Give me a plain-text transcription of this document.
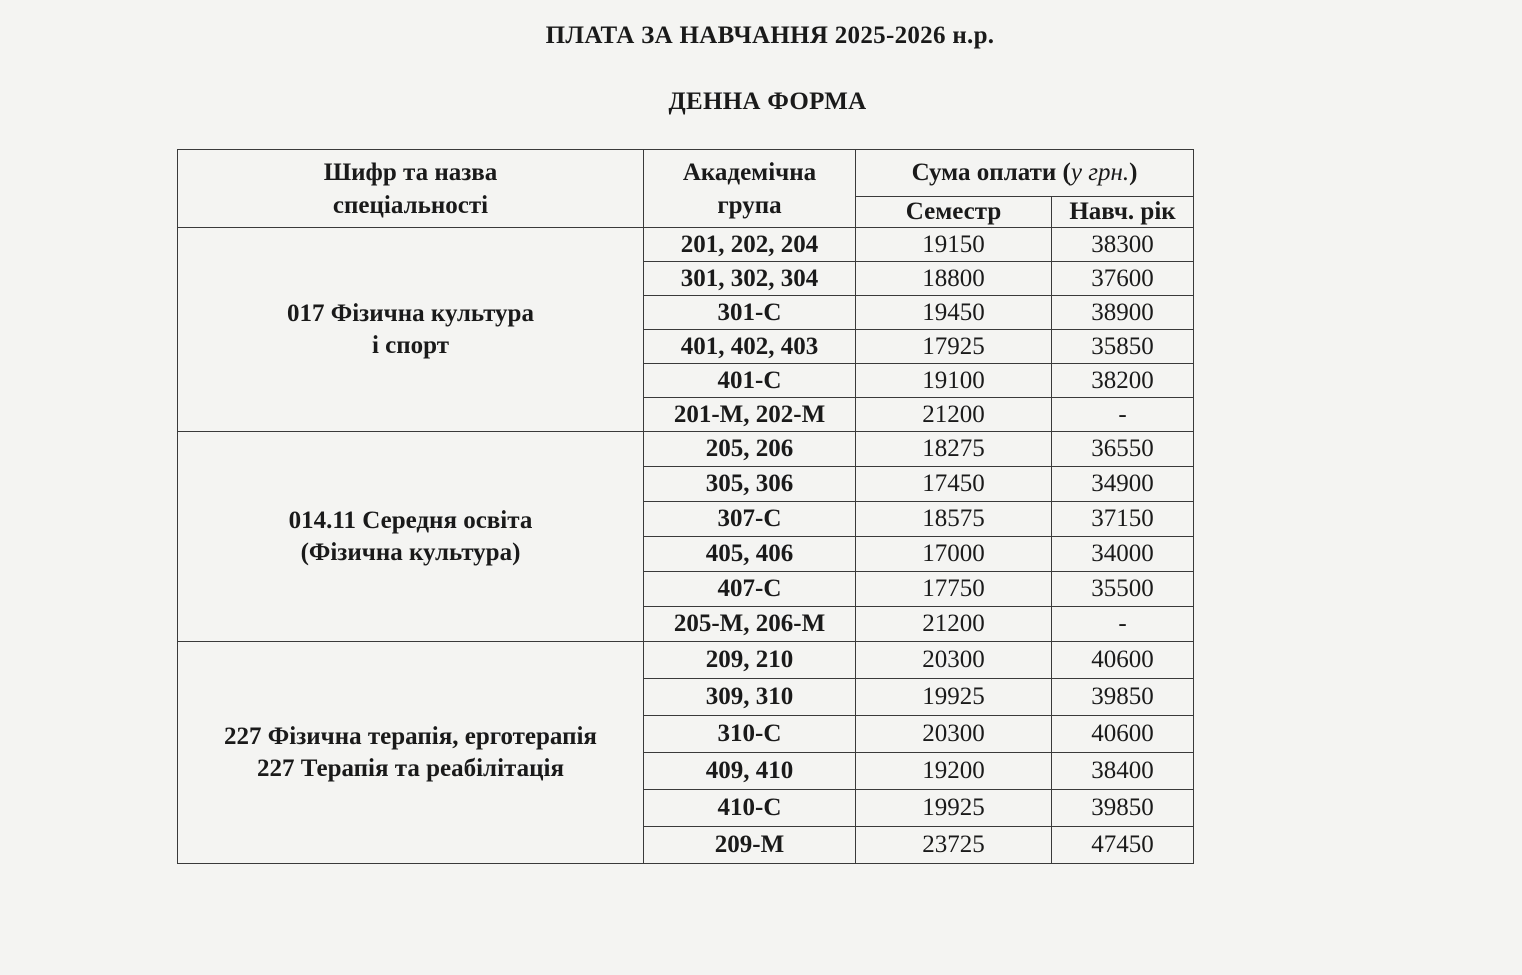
ПЛАТА ЗА НАВЧАННЯ 2025-2026 н.р.
ДЕННА ФОРМА
Шифр та назва спеціальності	Академічна група	Сума оплати (у грн.)	
		Семестр	Навч. рік

017 Фізична культура
і спорт	201, 202, 204	19150	38300
	301, 302, 304	18800	37600
	301-С	19450	38900
	401, 402, 403	17925	35850
	401-С	19100	38200
	201-М, 202-М	21200	-

014.11 Середня освіта
(Фізична культура)	205, 206	18275	36550
	305, 306	17450	34900
	307-С	18575	37150
	405, 406	17000	34000
	407-С	17750	35500
	205-М, 206-М	21200	-

227 Фізична терапія, ерготерапія
227 Терапія та реабілітація	209, 210	20300	40600
	309, 310	19925	39850
	310-С	20300	40600
	409, 410	19200	38400
	410-С	19925	39850
	209-М	23725	47450
